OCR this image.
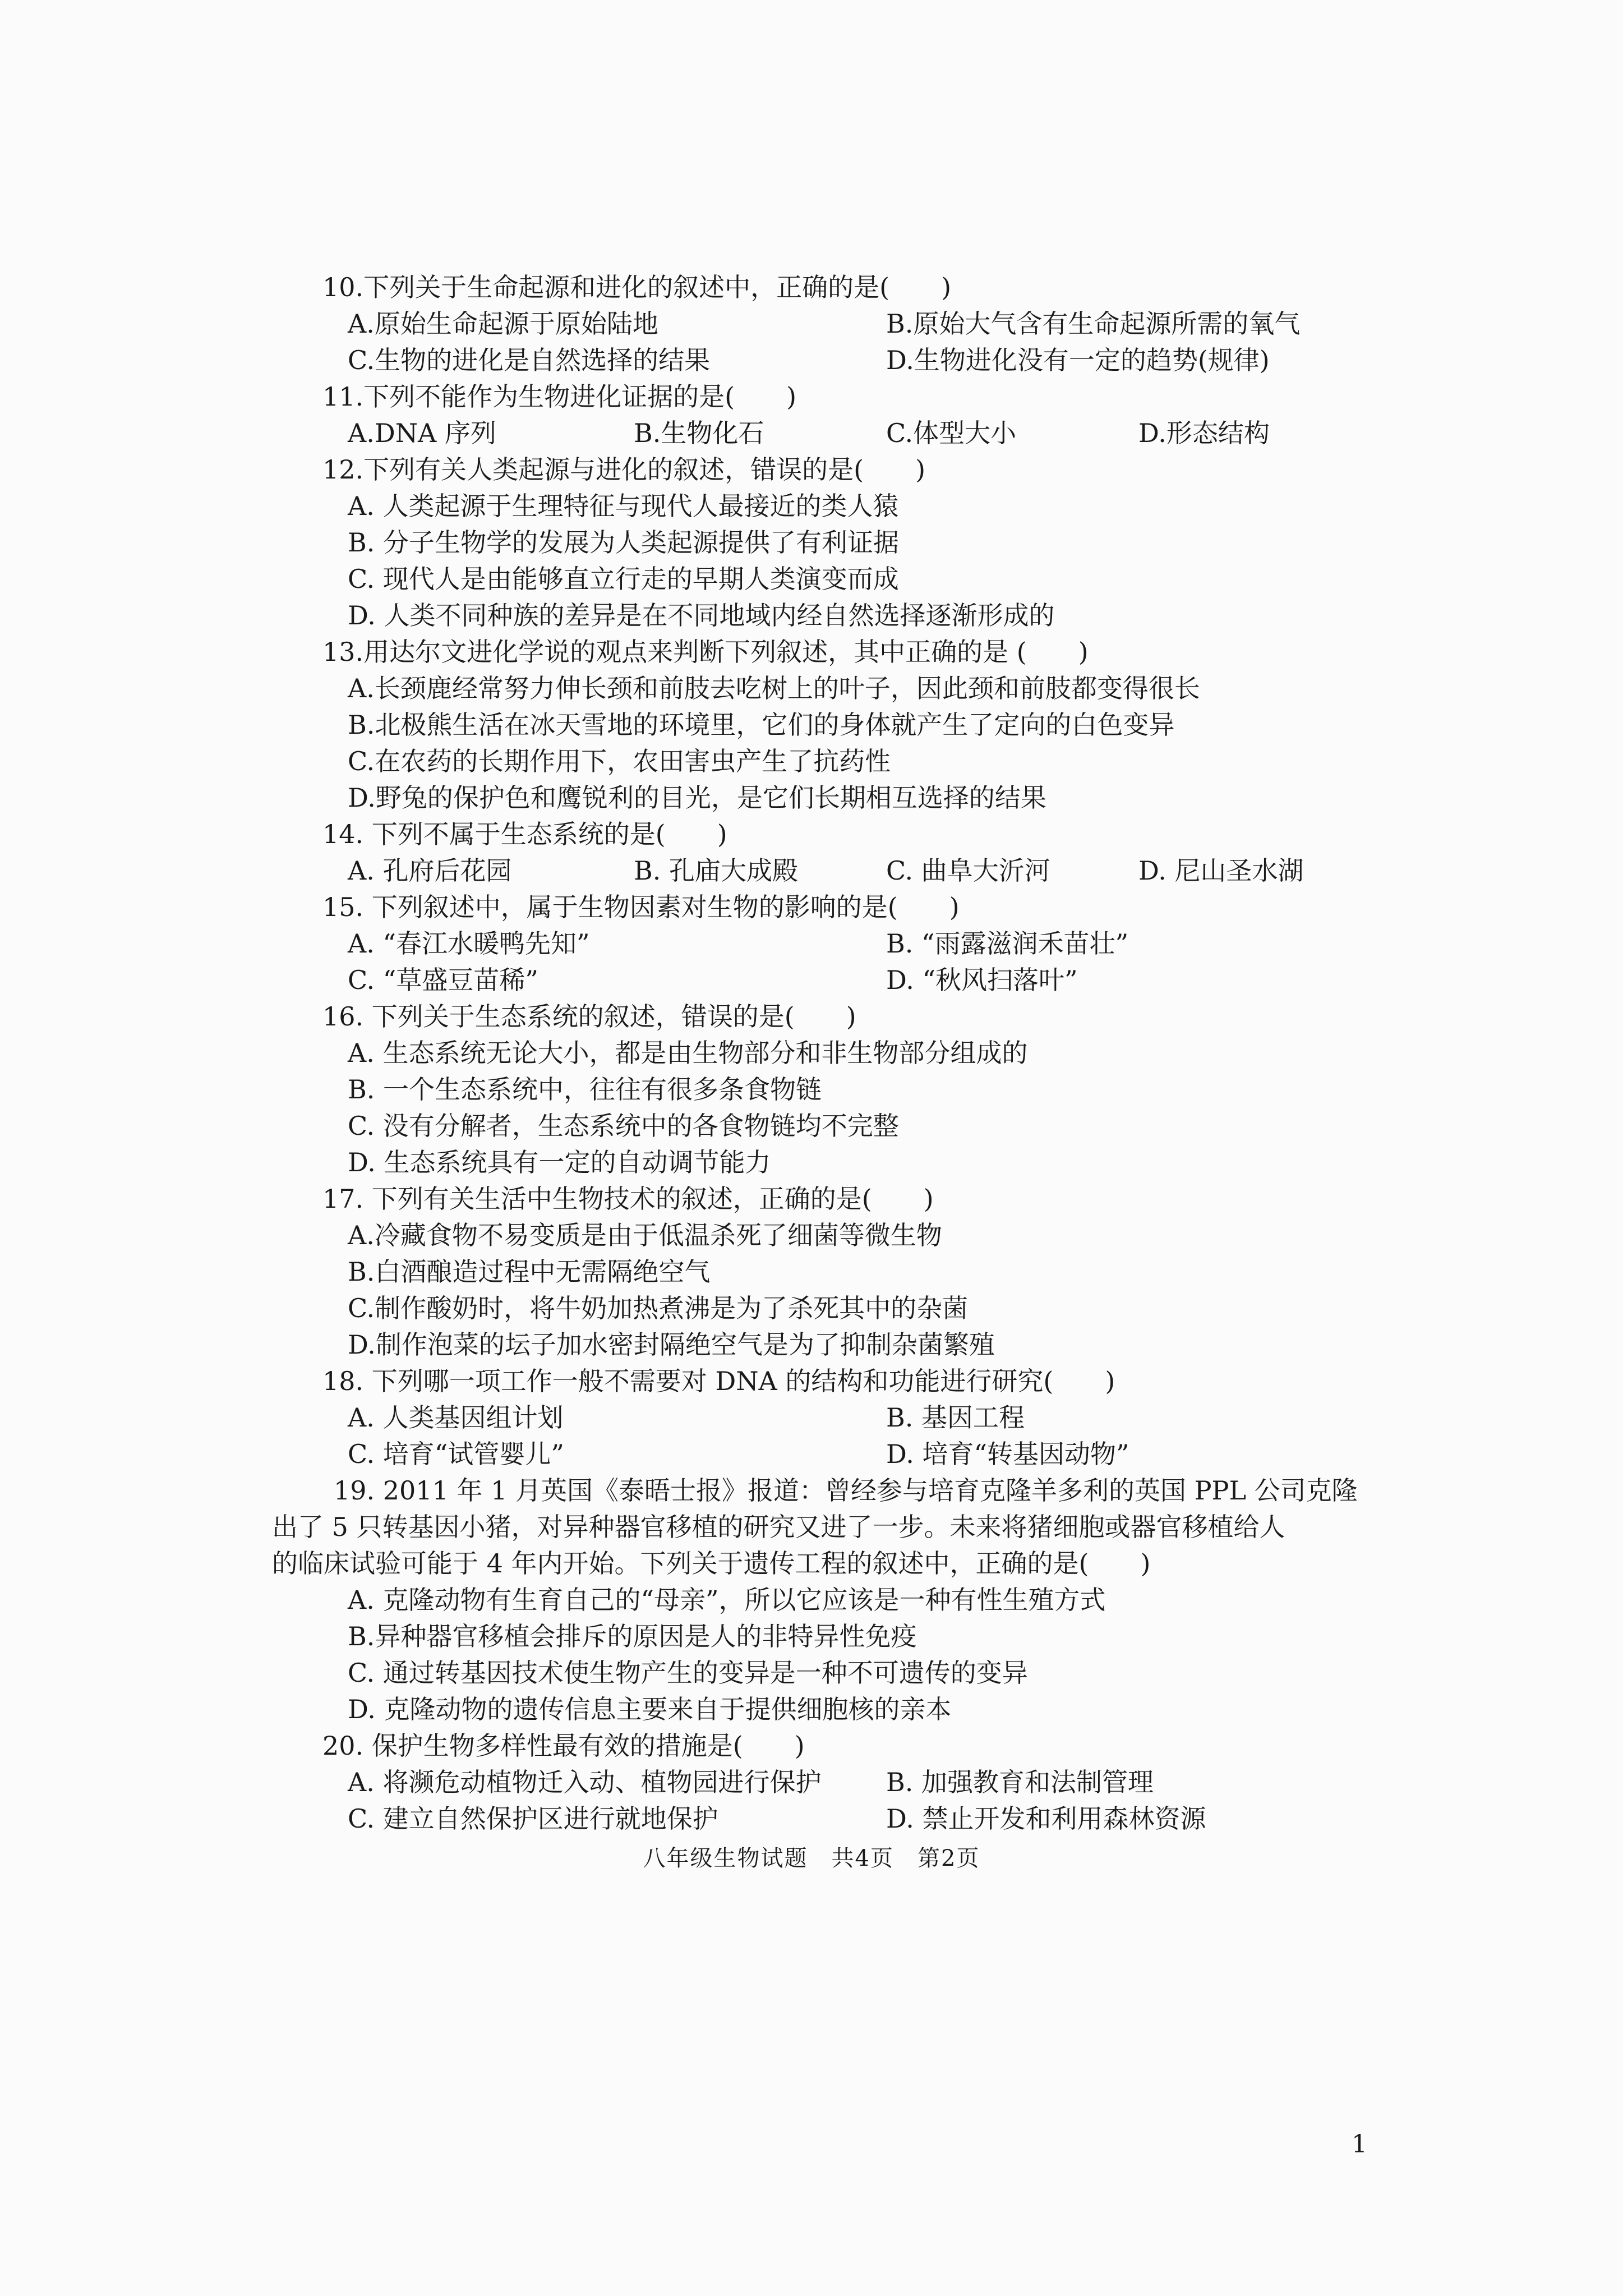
10.下列关于生命起源和进化的叙述中，正确的是(　　)
A.原始生命起源于原始陆地	B.原始大气含有生命起源所需的氧气
C.生物的进化是自然选择的结果	D.生物进化没有一定的趋势(规律)
11.下列不能作为生物进化证据的是(　　)
A.DNA 序列	B.生物化石	C.体型大小	D.形态结构
12.下列有关人类起源与进化的叙述，错误的是(　　)
A. 人类起源于生理特征与现代人最接近的类人猿
B. 分子生物学的发展为人类起源提供了有利证据
C. 现代人是由能够直立行走的早期人类演变而成
D. 人类不同种族的差异是在不同地域内经自然选择逐渐形成的
13.用达尔文进化学说的观点来判断下列叙述，其中正确的是 (　　)
A.长颈鹿经常努力伸长颈和前肢去吃树上的叶子，因此颈和前肢都变得很长
B.北极熊生活在冰天雪地的环境里，它们的身体就产生了定向的白色变异
C.在农药的长期作用下，农田害虫产生了抗药性
D.野兔的保护色和鹰锐利的目光，是它们长期相互选择的结果
14. 下列不属于生态系统的是(　　)
A. 孔府后花园	B. 孔庙大成殿	C. 曲阜大沂河	D. 尼山圣水湖
15. 下列叙述中，属于生物因素对生物的影响的是(　　)
A. “春江水暖鸭先知”	B. “雨露滋润禾苗壮”
C. “草盛豆苗稀”	D. “秋风扫落叶”
16. 下列关于生态系统的叙述，错误的是(　　)
A. 生态系统无论大小，都是由生物部分和非生物部分组成的
B. 一个生态系统中，往往有很多条食物链
C. 没有分解者，生态系统中的各食物链均不完整
D. 生态系统具有一定的自动调节能力
17. 下列有关生活中生物技术的叙述，正确的是(　　)
A.冷藏食物不易变质是由于低温杀死了细菌等微生物
B.白酒酿造过程中无需隔绝空气
C.制作酸奶时，将牛奶加热煮沸是为了杀死其中的杂菌
D.制作泡菜的坛子加水密封隔绝空气是为了抑制杂菌繁殖
18. 下列哪一项工作一般不需要对 DNA 的结构和功能进行研究(　　)
A. 人类基因组计划	B. 基因工程
C. 培育“试管婴儿”	D. 培育“转基因动物”
19. 2011 年 1 月英国《泰晤士报》报道：曾经参与培育克隆羊多利的英国 PPL 公司克隆
出了 5 只转基因小猪，对异种器官移植的研究又进了一步。未来将猪细胞或器官移植给人
的临床试验可能于 4 年内开始。下列关于遗传工程的叙述中，正确的是(　　)
A. 克隆动物有生育自己的“母亲”，所以它应该是一种有性生殖方式
B.异种器官移植会排斥的原因是人的非特异性免疫
C. 通过转基因技术使生物产生的变异是一种不可遗传的变异
D. 克隆动物的遗传信息主要来自于提供细胞核的亲本
20. 保护生物多样性最有效的措施是(　　)
A. 将濒危动植物迁入动、植物园进行保护	B. 加强教育和法制管理
C. 建立自然保护区进行就地保护	D. 禁止开发和利用森林资源
八年级生物试题　共4页　第2页
1
